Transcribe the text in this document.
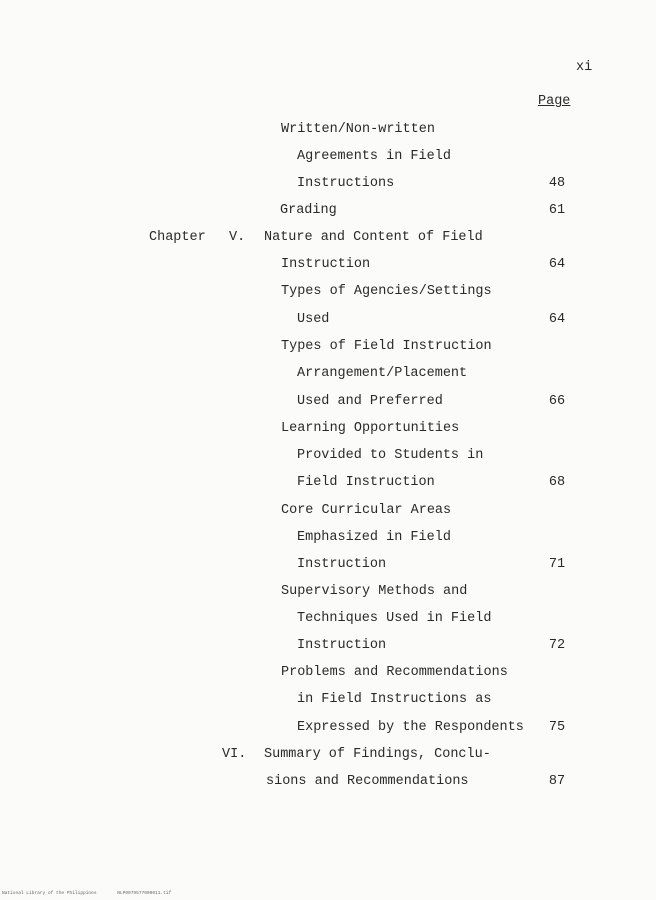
xi
Page
Written/Non-written
Agreements in Field
Instructions	48
Grading	61
Chapter V. Nature and Content of Field
Instruction	64
Types of Agencies/Settings
Used	64
Types of Field Instruction
Arrangement/Placement
Used and Preferred	66
Learning Opportunities
Provided to Students in
Field Instruction	68
Core Curricular Areas
Emphasized in Field
Instruction	71
Supervisory Methods and
Techniques Used in Field
Instruction	72
Problems and Recommendations
in Field Instructions as
Expressed by the Respondents	75
VI. Summary of Findings, Conclu-
sions and Recommendations	87
National Library of the Philippines	NLP0079577000011.tif
